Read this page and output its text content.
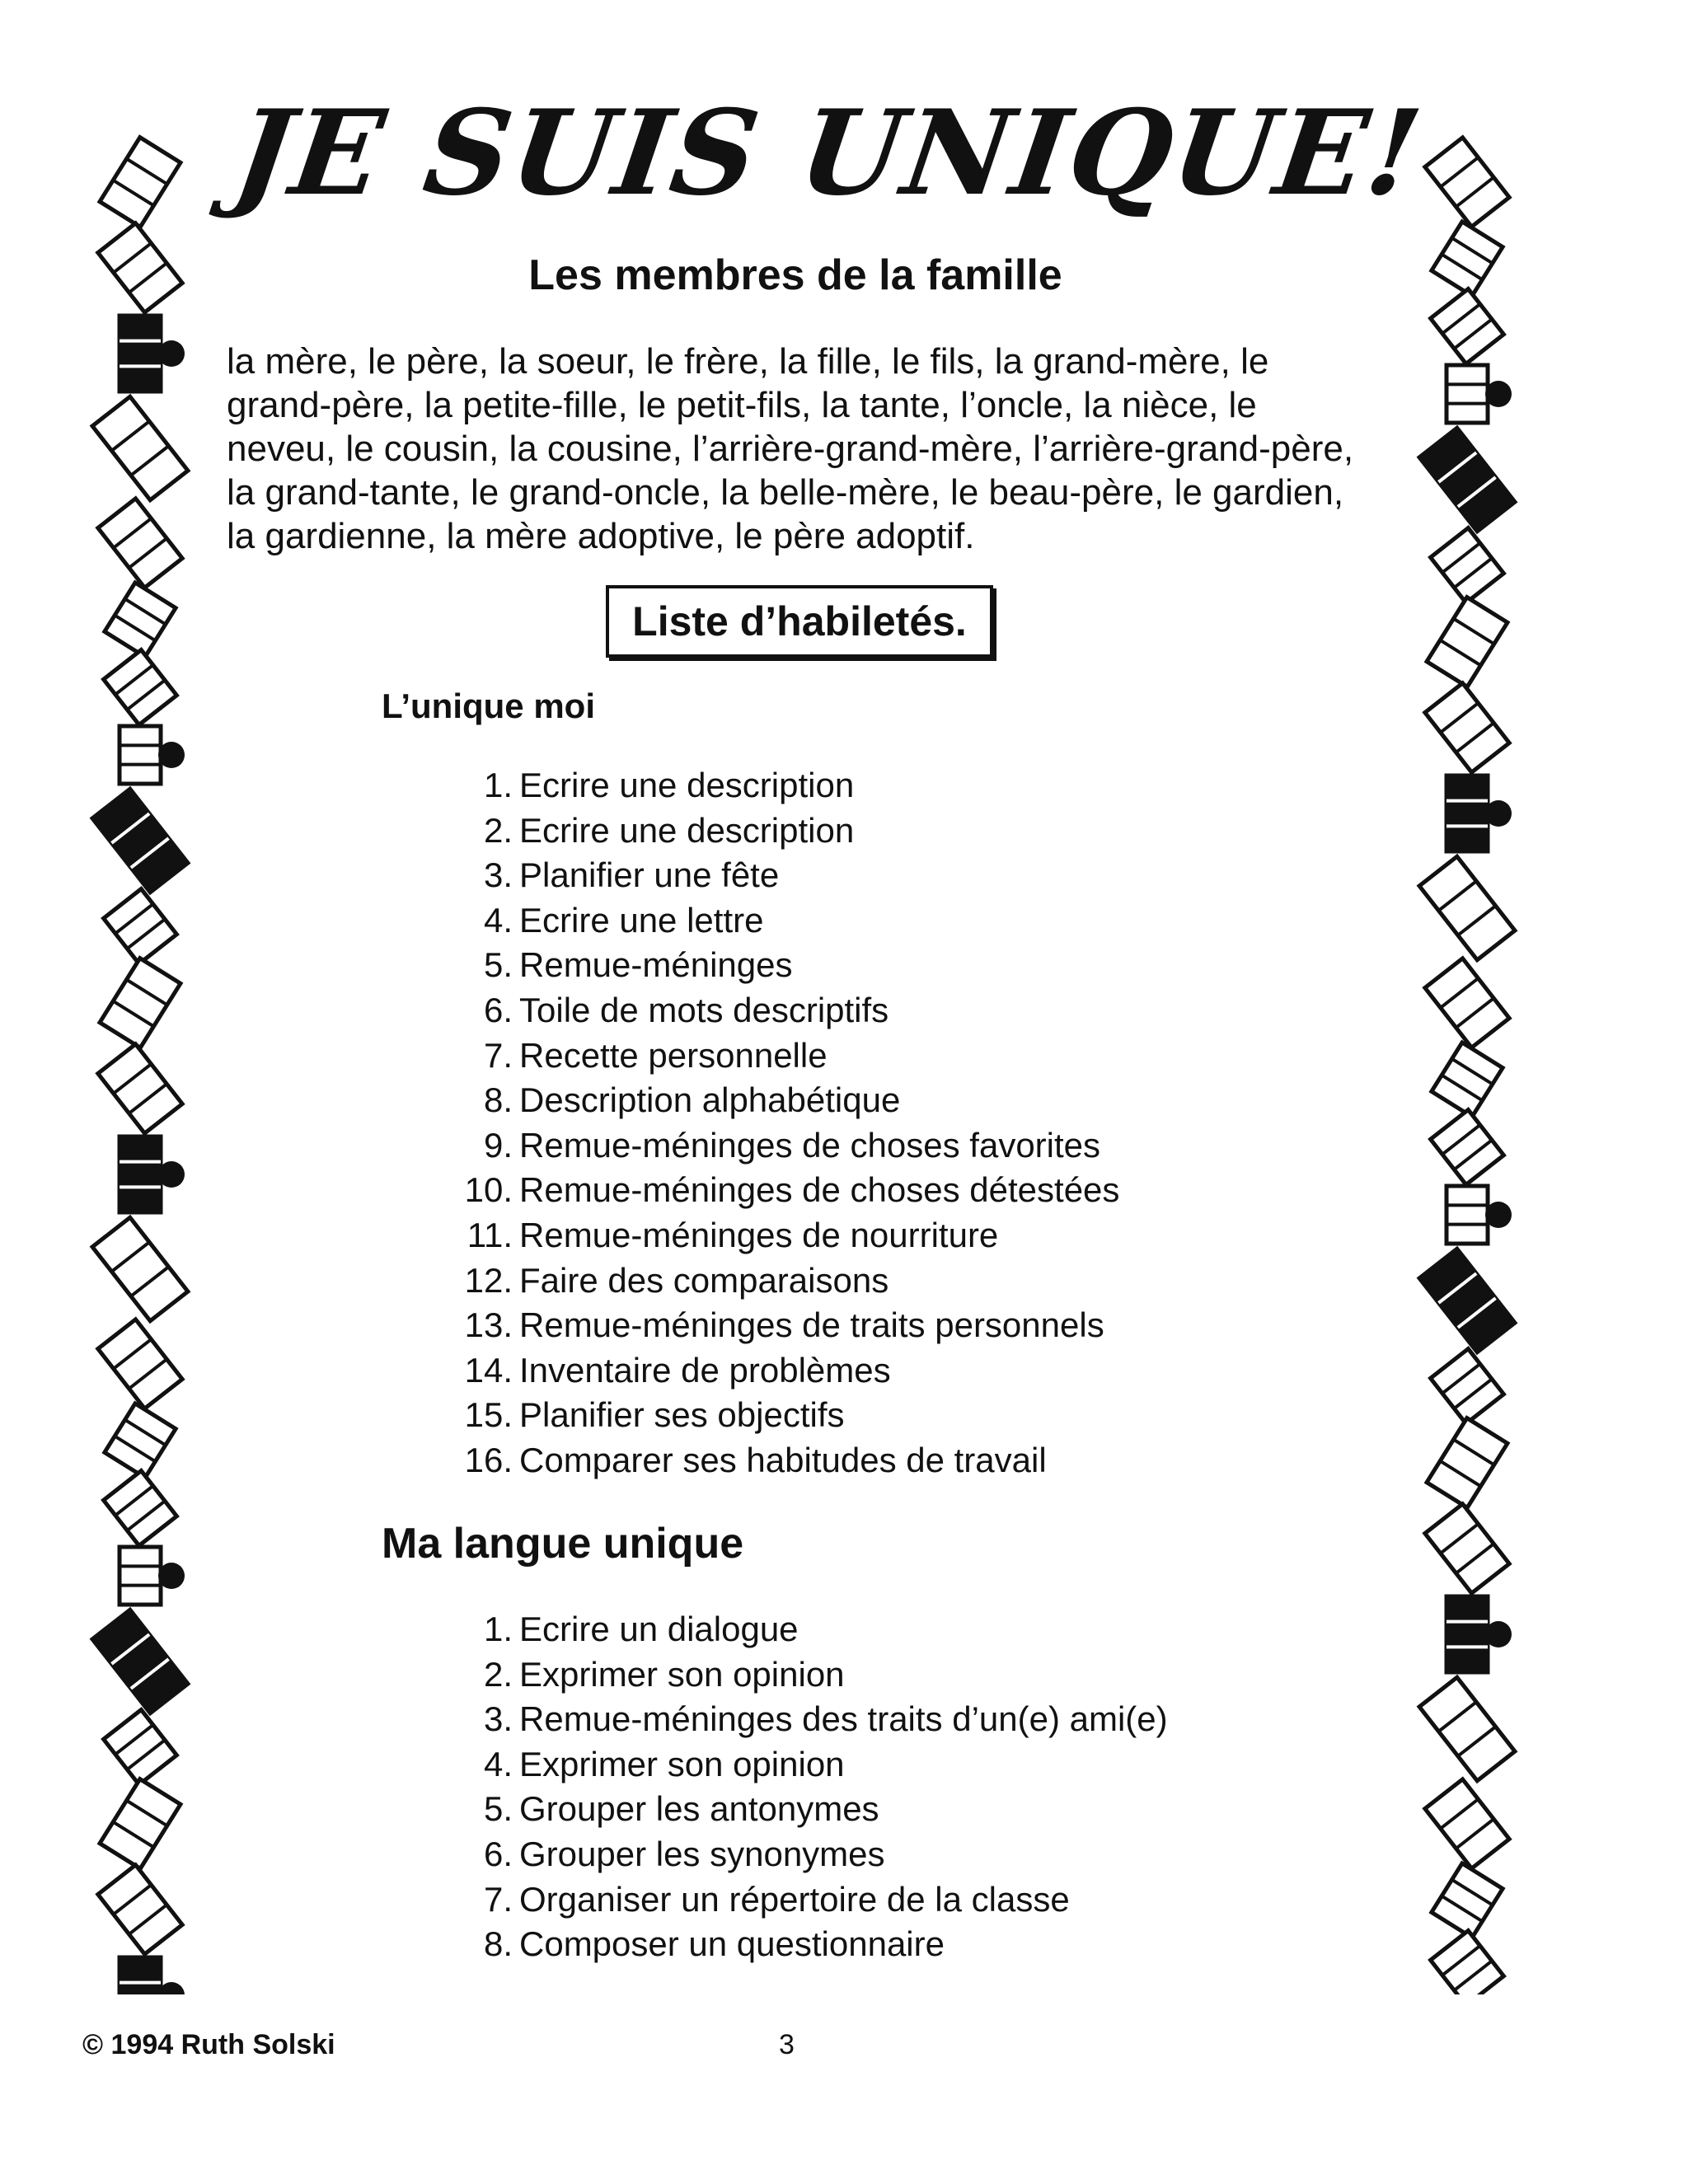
JE SUIS UNIQUE!
Les membres de la famille

la mère, le père, la soeur, le frère, la fille, le fils, la grand-mère, le grand-père, la petite-fille, le petit-fils, la tante, l’oncle, la nièce, le neveu, le cousin, la cousine, l’arrière-grand-mère, l’arrière-grand-père, la grand-tante, le grand-oncle, la belle-mère, le beau-père, le gardien, la gardienne, la mère adoptive, le père adoptif.

Liste d’habiletés.
L’unique moi
1. Ecrire une description
2. Ecrire une description
3. Planifier une fête
4. Ecrire une lettre
5. Remue-méninges
6. Toile de mots descriptifs
7. Recette personnelle
8. Description alphabétique
9. Remue-méninges de choses favorites
10. Remue-méninges de choses détestées
11. Remue-méninges de nourriture
12. Faire des comparaisons
13. Remue-méninges de traits personnels
14. Inventaire de problèmes
15. Planifier ses objectifs
16. Comparer ses habitudes de travail
Ma langue unique
1. Ecrire un dialogue
2. Exprimer son opinion
3. Remue-méninges des traits d’un(e) ami(e)
4. Exprimer son opinion
5. Grouper les antonymes
6. Grouper les synonymes
7. Organiser un répertoire de la classe
8. Composer un questionnaire
© 1994 Ruth Solski	3
